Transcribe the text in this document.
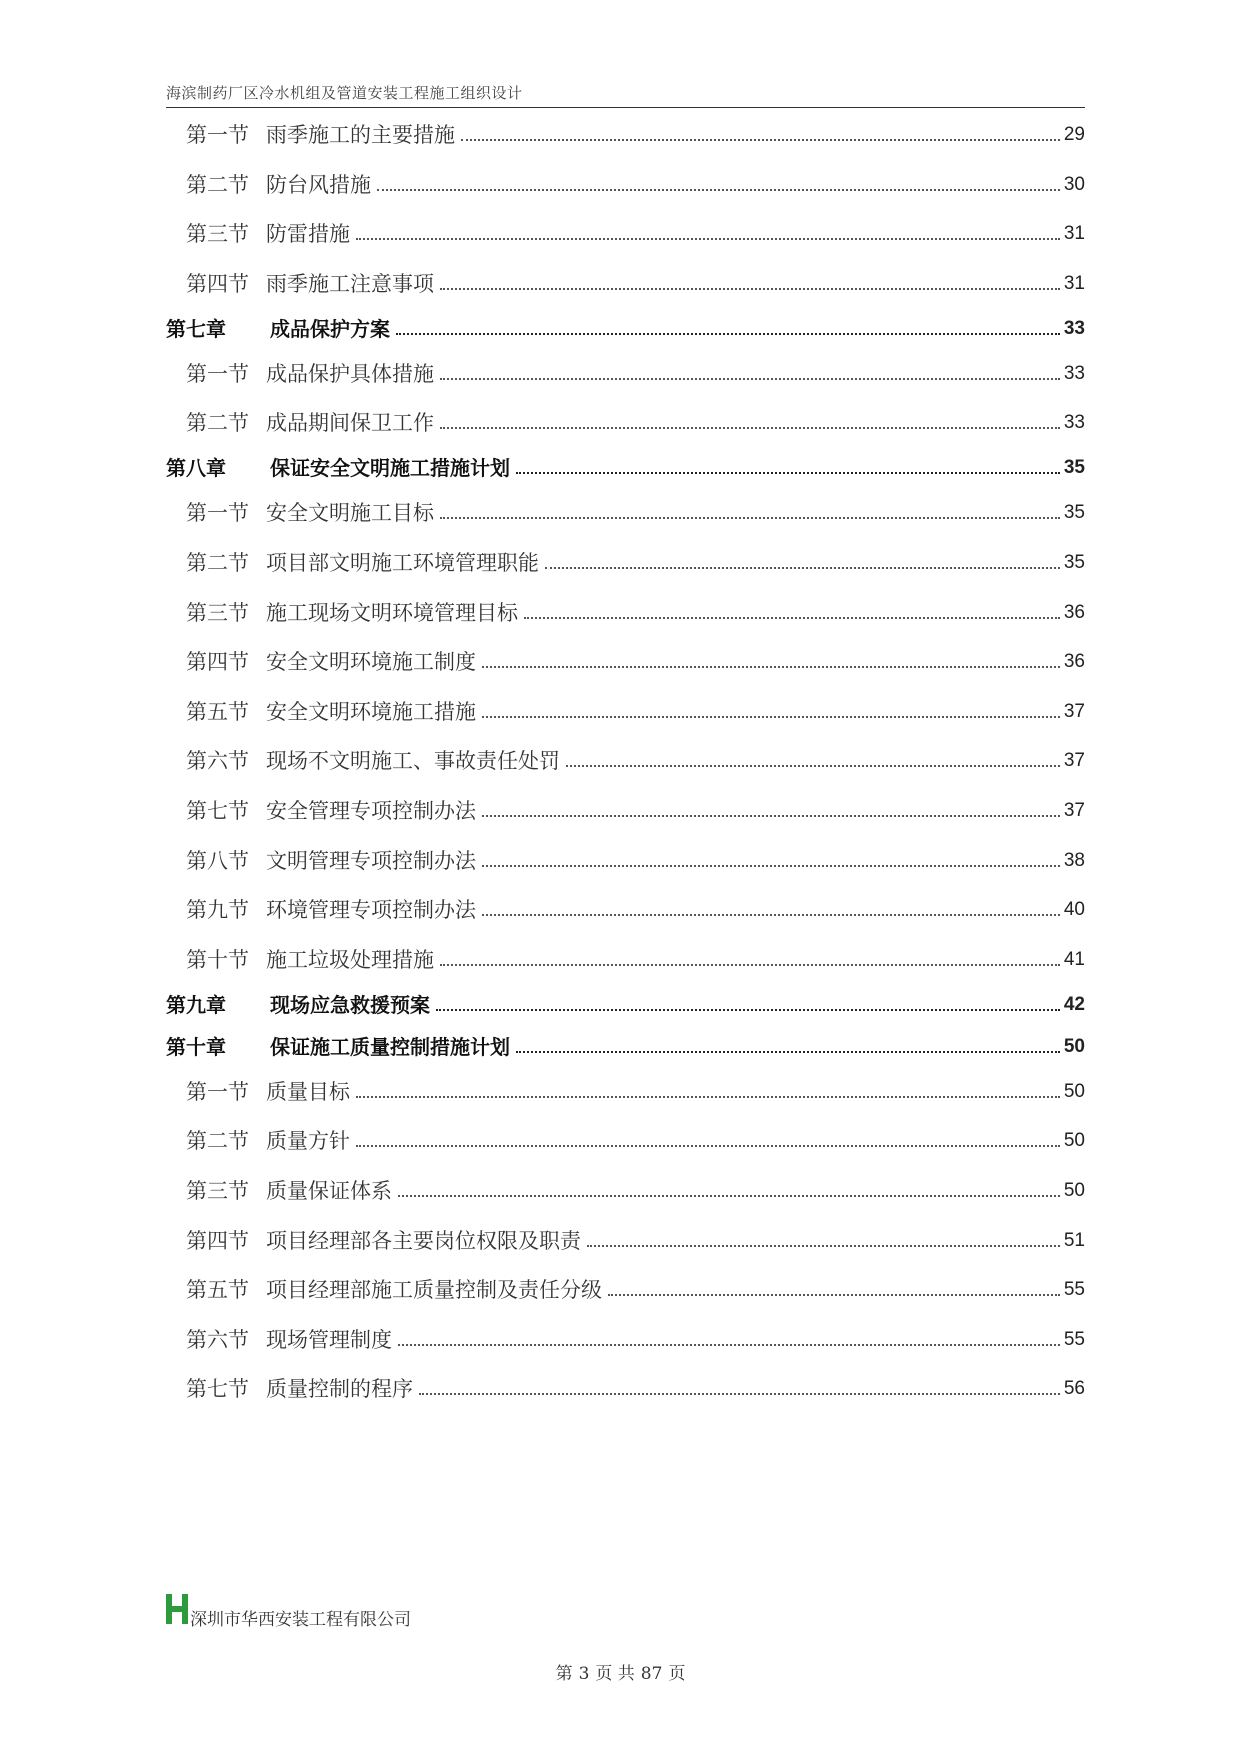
海滨制药厂区冷水机组及管道安装工程施工组织设计
第一节 雨季施工的主要措施	29
第二节 防台风措施	30
第三节 防雷措施	31
第四节 雨季施工注意事项	31
第七章 成品保护方案	33
第一节 成品保护具体措施	33
第二节 成品期间保卫工作	33
第八章 保证安全文明施工措施计划	35
第一节 安全文明施工目标	35
第二节 项目部文明施工环境管理职能	35
第三节 施工现场文明环境管理目标	36
第四节 安全文明环境施工制度	36
第五节 安全文明环境施工措施	37
第六节 现场不文明施工、事故责任处罚	37
第七节 安全管理专项控制办法	37
第八节 文明管理专项控制办法	38
第九节 环境管理专项控制办法	40
第十节 施工垃圾处理措施	41
第九章 现场应急救援预案	42
第十章 保证施工质量控制措施计划	50
第一节 质量目标	50
第二节 质量方针	50
第三节 质量保证体系	50
第四节 项目经理部各主要岗位权限及职责	51
第五节 项目经理部施工质量控制及责任分级	55
第六节 现场管理制度	55
第七节 质量控制的程序	56
深圳市华西安装工程有限公司
第 3 页 共 87 页
